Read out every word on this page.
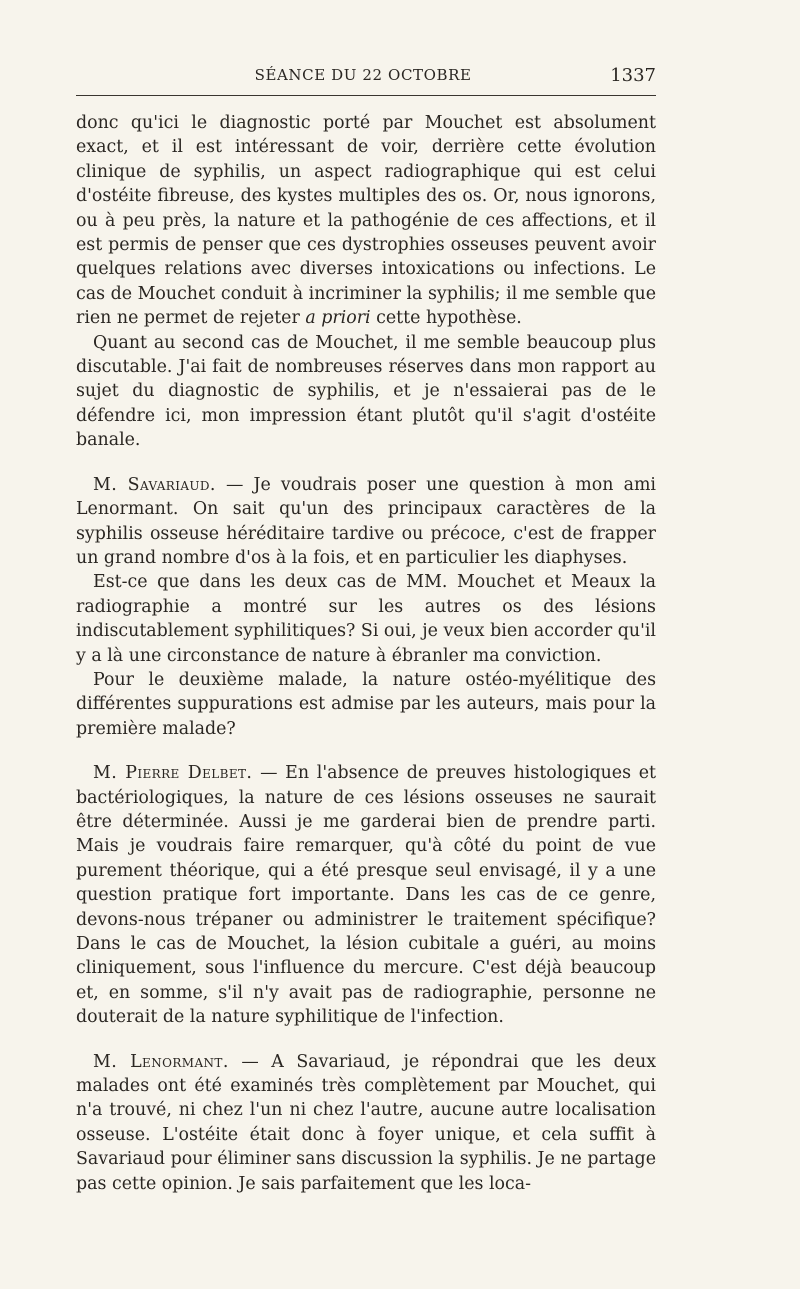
SÉANCE DU 22 OCTOBRE	1337

donc qu'ici le diagnostic porté par Mouchet est absolument exact, et il est intéressant de voir, derrière cette évolution clinique de syphilis, un aspect radiographique qui est celui d'ostéite fibreuse, des kystes multiples des os. Or, nous ignorons, ou à peu près, la nature et la pathogénie de ces affections, et il est permis de penser que ces dystrophies osseuses peuvent avoir quelques relations avec diverses intoxications ou infections. Le cas de Mouchet conduit à incriminer la syphilis; il me semble que rien ne permet de rejeter a priori cette hypothèse.

Quant au second cas de Mouchet, il me semble beaucoup plus discutable. J'ai fait de nombreuses réserves dans mon rapport au sujet du diagnostic de syphilis, et je n'essaierai pas de le défendre ici, mon impression étant plutôt qu'il s'agit d'ostéite banale.

M. Savariaud. — Je voudrais poser une question à mon ami Lenormant. On sait qu'un des principaux caractères de la syphilis osseuse héréditaire tardive ou précoce, c'est de frapper un grand nombre d'os à la fois, et en particulier les diaphyses.

Est-ce que dans les deux cas de MM. Mouchet et Meaux la radiographie a montré sur les autres os des lésions indiscutablement syphilitiques? Si oui, je veux bien accorder qu'il y a là une circonstance de nature à ébranler ma conviction.

Pour le deuxième malade, la nature ostéo-myélitique des différentes suppurations est admise par les auteurs, mais pour la première malade?

M. Pierre Delbet. — En l'absence de preuves histologiques et bactériologiques, la nature de ces lésions osseuses ne saurait être déterminée. Aussi je me garderai bien de prendre parti. Mais je voudrais faire remarquer, qu'à côté du point de vue purement théorique, qui a été presque seul envisagé, il y a une question pratique fort importante. Dans les cas de ce genre, devons-nous trépaner ou administrer le traitement spécifique? Dans le cas de Mouchet, la lésion cubitale a guéri, au moins cliniquement, sous l'influence du mercure. C'est déjà beaucoup et, en somme, s'il n'y avait pas de radiographie, personne ne douterait de la nature syphilitique de l'infection.

M. Lenormant. — A Savariaud, je répondrai que les deux malades ont été examinés très complètement par Mouchet, qui n'a trouvé, ni chez l'un ni chez l'autre, aucune autre localisation osseuse. L'ostéite était donc à foyer unique, et cela suffit à Savariaud pour éliminer sans discussion la syphilis. Je ne partage pas cette opinion. Je sais parfaitement que les loca-
